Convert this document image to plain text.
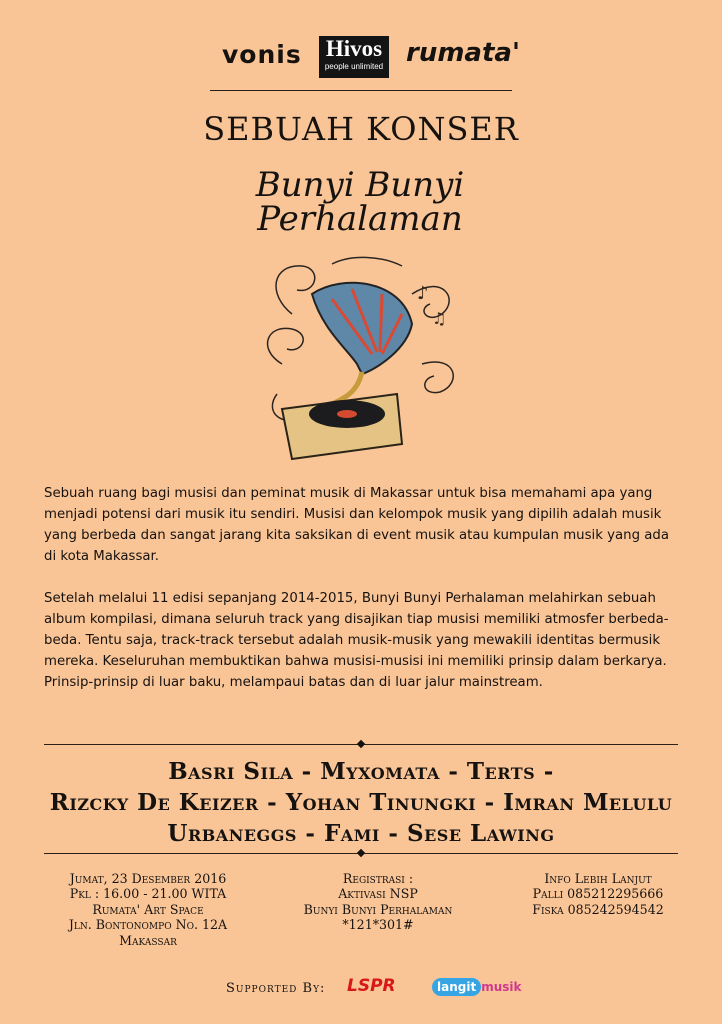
vonis Hivos
people unlimited rumata'
SEBUAH KONSER
Bunyi Bunyi
Perhalaman
♪
♫
Sebuah ruang bagi musisi dan peminat musik di Makassar untuk bisa memahami apa yang menjadi potensi dari musik itu sendiri. Musisi dan kelompok musik yang dipilih adalah musik yang berbeda dan sangat jarang kita saksikan di event musik atau kumpulan musik yang ada di kota Makassar.
Setelah melalui 11 edisi sepanjang 2014-2015, Bunyi Bunyi Perhalaman melahirkan sebuah album kompilasi, dimana seluruh track yang disajikan tiap musisi memiliki atmosfer berbeda-beda. Tentu saja, track-track tersebut adalah musik-musik yang mewakili identitas bermusik mereka. Keseluruhan membuktikan bahwa musisi-musisi ini memiliki prinsip dalam berkarya. Prinsip-prinsip di luar baku, melampaui batas dan di luar jalur mainstream.
Basri Sila - Myxomata - Terts -
Rizcky De Keizer - Yohan Tinungki - Imran Melulu
Urbaneggs - Fami - Sese Lawing
Jumat, 23 Desember 2016
Pkl : 16.00 - 21.00 WITA
Rumata' Art Space
Jln. Bontonompo No. 12A
Makassar
Registrasi :
Aktivasi NSP
Bunyi Bunyi Perhalaman
*121*301#
Info Lebih Lanjut
Palli 085212295666
Fiska 085242594542
Supported By: LSPR	langit musik
